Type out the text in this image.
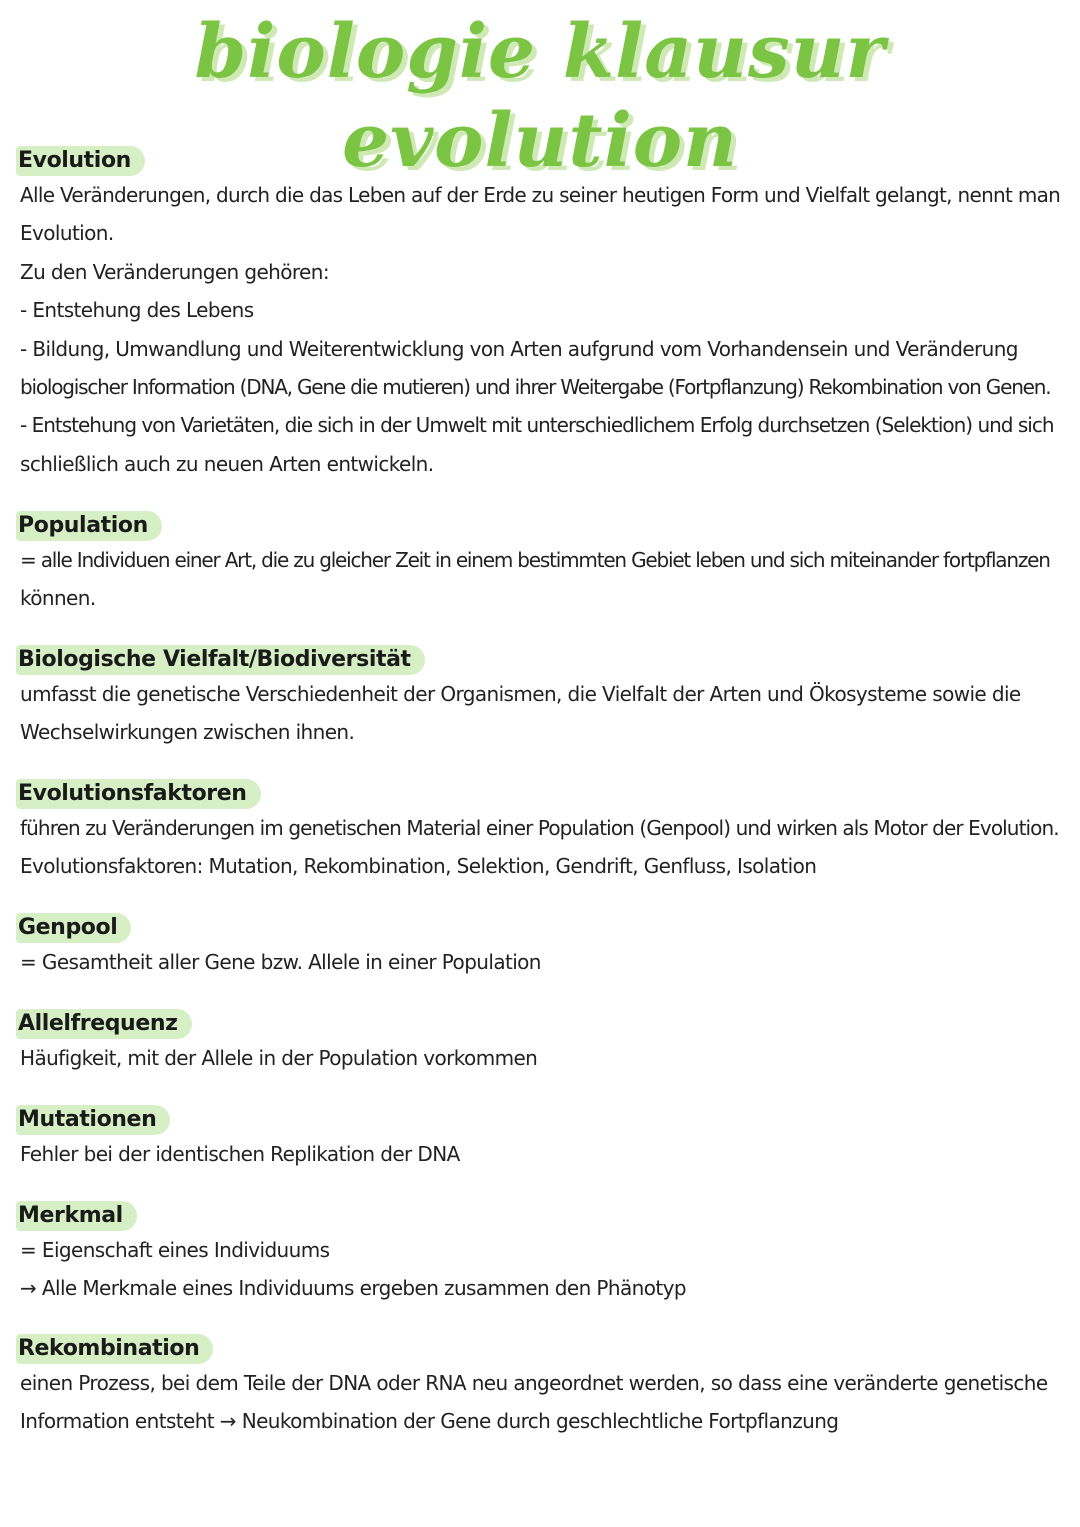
biologie klausur evolution
Evolution
Alle Veränderungen, durch die das Leben auf der Erde zu seiner heutigen Form und Vielfalt gelangt, nennt man
Evolution.
Zu den Veränderungen gehören:
- Entstehung des Lebens
- Bildung, Umwandlung und Weiterentwicklung von Arten aufgrund vom Vorhandensein und Veränderung
biologischer Information (DNA, Gene die mutieren) und ihrer Weitergabe (Fortpflanzung) Rekombination von Genen.
- Entstehung von Varietäten, die sich in der Umwelt mit unterschiedlichem Erfolg durchsetzen (Selektion) und sich
schließlich auch zu neuen Arten entwickeln.
Population
= alle Individuen einer Art, die zu gleicher Zeit in einem bestimmten Gebiet leben und sich miteinander fortpflanzen
können.
Biologische Vielfalt/Biodiversität
umfasst die genetische Verschiedenheit der Organismen, die Vielfalt der Arten und Ökosysteme sowie die
Wechselwirkungen zwischen ihnen.
Evolutionsfaktoren
führen zu Veränderungen im genetischen Material einer Population (Genpool) und wirken als Motor der Evolution.
Evolutionsfaktoren: Mutation, Rekombination, Selektion, Gendrift, Genfluss, Isolation
Genpool
= Gesamtheit aller Gene bzw. Allele in einer Population
Allelfrequenz
Häufigkeit, mit der Allele in der Population vorkommen
Mutationen
Fehler bei der identischen Replikation der DNA
Merkmal
= Eigenschaft eines Individuums
→ Alle Merkmale eines Individuums ergeben zusammen den Phänotyp
Rekombination
einen Prozess, bei dem Teile der DNA oder RNA neu angeordnet werden, so dass eine veränderte genetische
Information entsteht → Neukombination der Gene durch geschlechtliche Fortpflanzung
